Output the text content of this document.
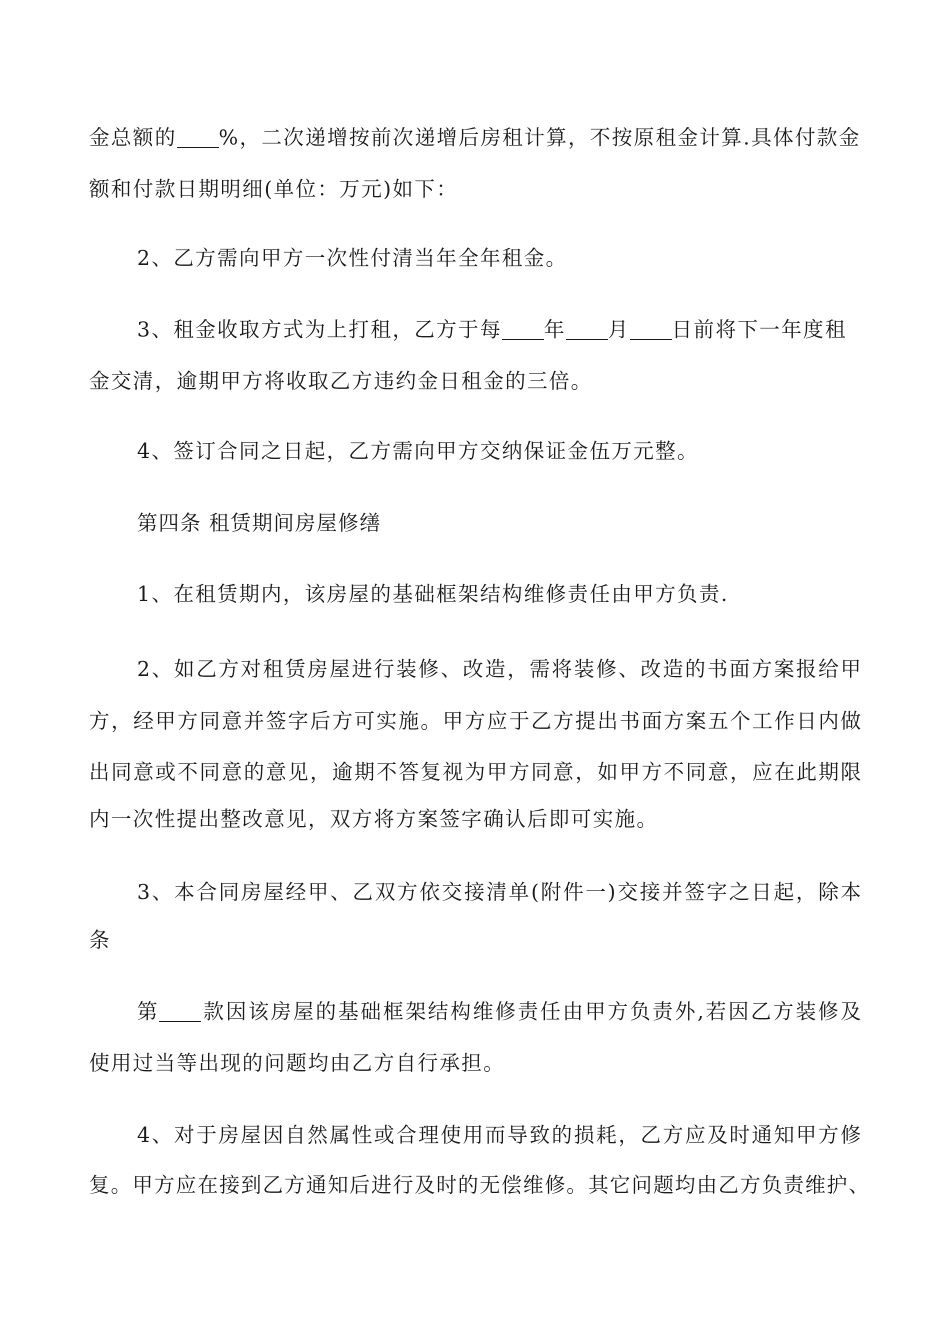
金总额的 %，二次递增按前次递增后房租计算，不按原租金计算.具体付款金
额和付款日期明细(单位：万元)如下：
2、乙方需向甲方一次性付清当年全年租金。
3、租金收取方式为上打租，乙方于每 年 月 日前将下一年度租
金交清，逾期甲方将收取乙方违约金日租金的三倍。
4、签订合同之日起，乙方需向甲方交纳保证金伍万元整。
第四条 租赁期间房屋修缮
1、在租赁期内，该房屋的基础框架结构维修责任由甲方负责.
2、如乙方对租赁房屋进行装修、改造，需将装修、改造的书面方案报给甲
方，经甲方同意并签字后方可实施。甲方应于乙方提出书面方案五个工作日内做
出同意或不同意的意见，逾期不答复视为甲方同意，如甲方不同意，应在此期限
内一次性提出整改意见，双方将方案签字确认后即可实施。
3、本合同房屋经甲、乙双方依交接清单(附件一)交接并签字之日起，除本
条
第 款因该房屋的基础框架结构维修责任由甲方负责外,若因乙方装修及
使用过当等出现的问题均由乙方自行承担。
4、对于房屋因自然属性或合理使用而导致的损耗，乙方应及时通知甲方修
复。甲方应在接到乙方通知后进行及时的无偿维修。其它问题均由乙方负责维护、
